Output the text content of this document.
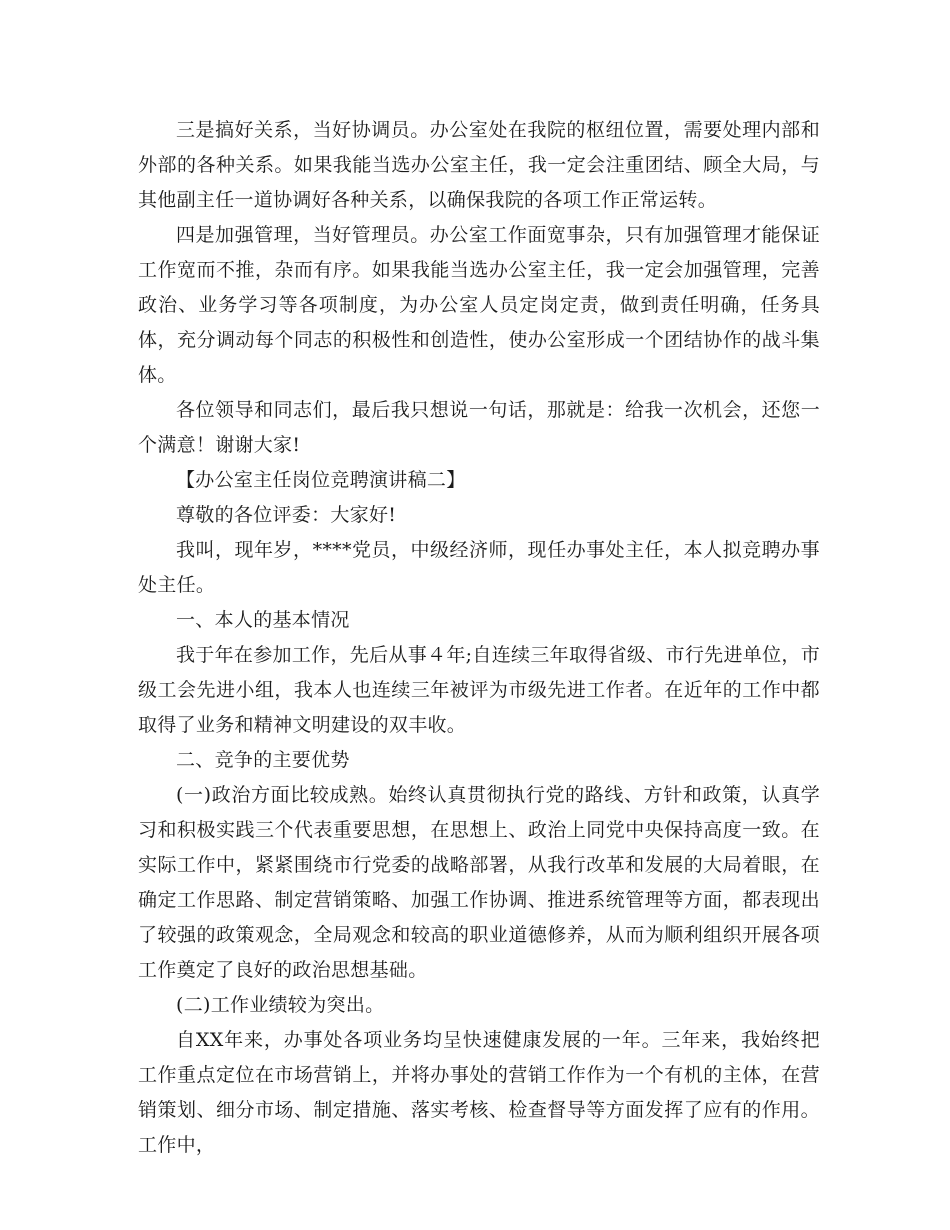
三是搞好关系，当好协调员。办公室处在我院的枢纽位置，需要处理内部和外部的各种关系。如果我能当选办公室主任，我一定会注重团结、顾全大局，与其他副主任一道协调好各种关系，以确保我院的各项工作正常运转。

四是加强管理，当好管理员。办公室工作面宽事杂，只有加强管理才能保证工作宽而不推，杂而有序。如果我能当选办公室主任，我一定会加强管理，完善政治、业务学习等各项制度，为办公室人员定岗定责，做到责任明确，任务具体，充分调动每个同志的积极性和创造性，使办公室形成一个团结协作的战斗集体。

各位领导和同志们，最后我只想说一句话，那就是：给我一次机会，还您一个满意！谢谢大家!

【办公室主任岗位竞聘演讲稿二】

尊敬的各位评委：大家好!

我叫，现年岁，****党员，中级经济师，现任办事处主任，本人拟竞聘办事处主任。

一、本人的基本情况

我于年在参加工作，先后从事４年;自连续三年取得省级、市行先进单位，市级工会先进小组，我本人也连续三年被评为市级先进工作者。在近年的工作中都取得了业务和精神文明建设的双丰收。

二、竞争的主要优势

(一)政治方面比较成熟。始终认真贯彻执行党的路线、方针和政策，认真学习和积极实践三个代表重要思想，在思想上、政治上同党中央保持高度一致。在实际工作中，紧紧围绕市行党委的战略部署，从我行改革和发展的大局着眼，在确定工作思路、制定营销策略、加强工作协调、推进系统管理等方面，都表现出了较强的政策观念，全局观念和较高的职业道德修养，从而为顺利组织开展各项工作奠定了良好的政治思想基础。

(二)工作业绩较为突出。

自XX年来，办事处各项业务均呈快速健康发展的一年。三年来，我始终把工作重点定位在市场营销上，并将办事处的营销工作作为一个有机的主体，在营销策划、细分市场、制定措施、落实考核、检查督导等方面发挥了应有的作用。工作中，
